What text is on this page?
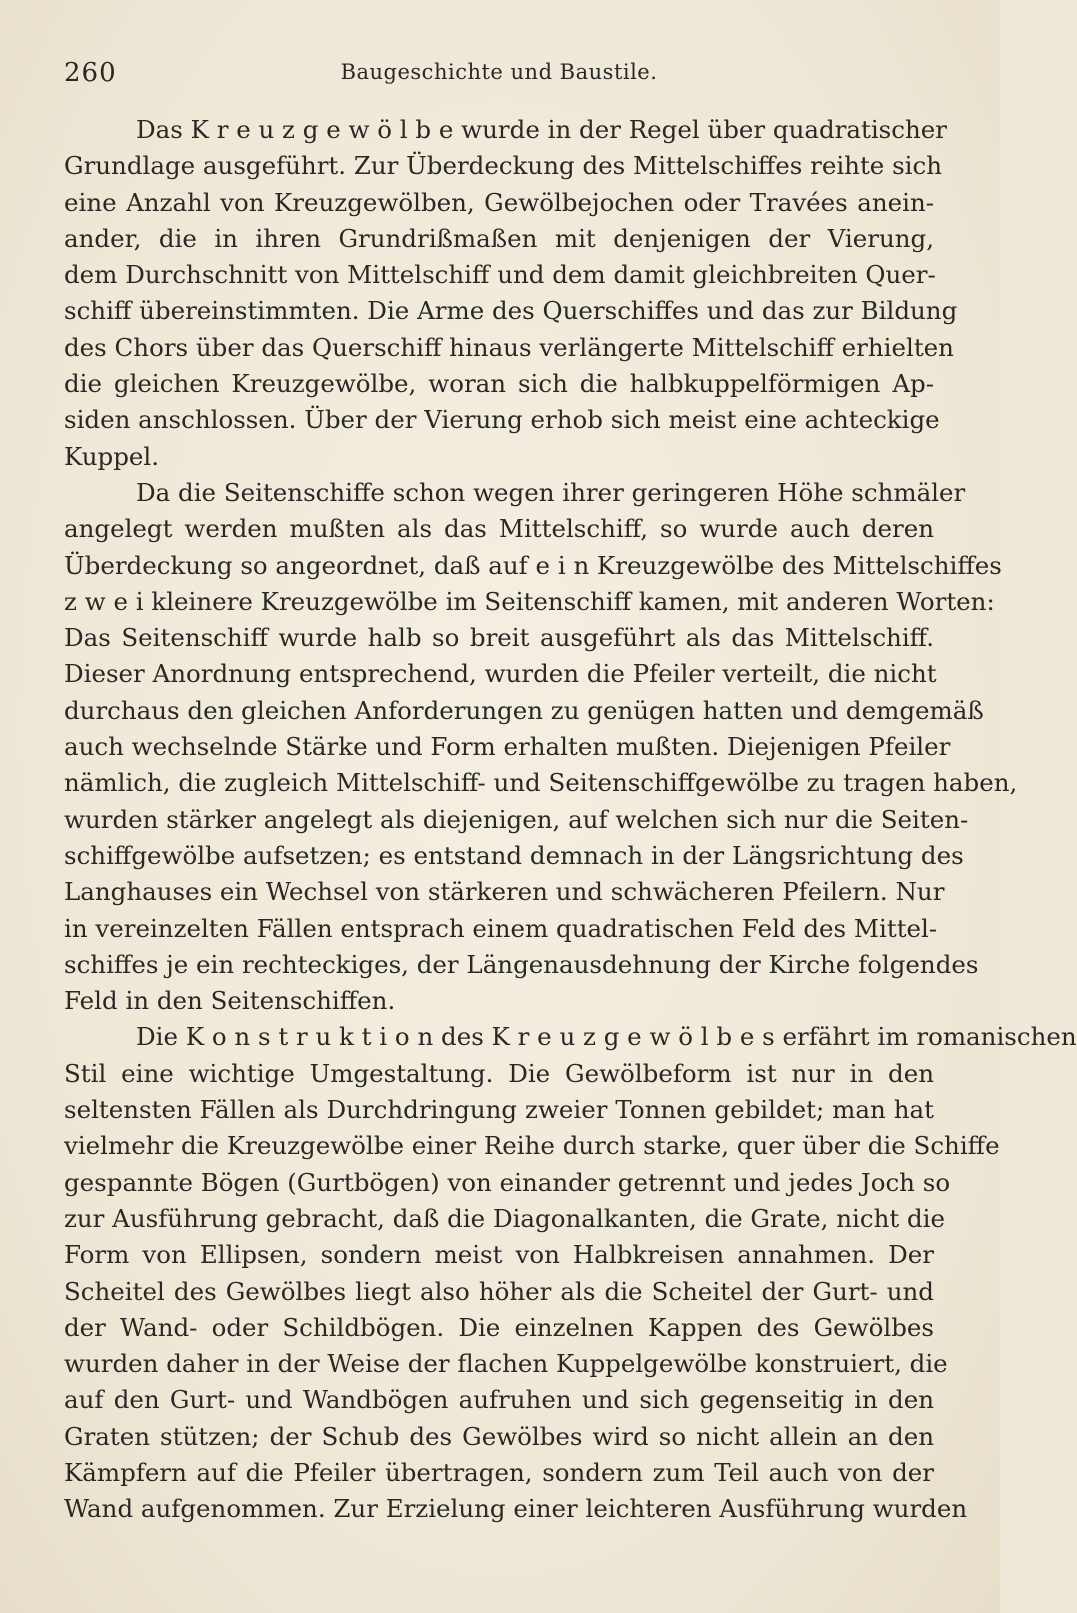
260	Baugeschichte und Baustile.
Das K r e u z g e w ö l b e wurde in der Regel über quadratischer
Grundlage ausgeführt. Zur Überdeckung des Mittelschiffes reihte sich
eine Anzahl von Kreuzgewölben, Gewölbejochen oder Travées anein-
ander, die in ihren Grundrißmaßen mit denjenigen der Vierung,
dem Durchschnitt von Mittelschiff und dem damit gleichbreiten Quer-
schiff übereinstimmten. Die Arme des Querschiffes und das zur Bildung
des Chors über das Querschiff hinaus verlängerte Mittelschiff erhielten
die gleichen Kreuzgewölbe, woran sich die halbkuppelförmigen Ap-
siden anschlossen. Über der Vierung erhob sich meist eine achteckige
Kuppel.
Da die Seitenschiffe schon wegen ihrer geringeren Höhe schmäler
angelegt werden mußten als das Mittelschiff, so wurde auch deren
Überdeckung so angeordnet, daß auf e i n Kreuzgewölbe des Mittelschiffes
z w e i kleinere Kreuzgewölbe im Seitenschiff kamen, mit anderen Worten:
Das Seitenschiff wurde halb so breit ausgeführt als das Mittelschiff.
Dieser Anordnung entsprechend, wurden die Pfeiler verteilt, die nicht
durchaus den gleichen Anforderungen zu genügen hatten und demgemäß
auch wechselnde Stärke und Form erhalten mußten. Diejenigen Pfeiler
nämlich, die zugleich Mittelschiff- und Seitenschiffgewölbe zu tragen haben,
wurden stärker angelegt als diejenigen, auf welchen sich nur die Seiten-
schiffgewölbe aufsetzen; es entstand demnach in der Längsrichtung des
Langhauses ein Wechsel von stärkeren und schwächeren Pfeilern. Nur
in vereinzelten Fällen entsprach einem quadratischen Feld des Mittel-
schiffes je ein rechteckiges, der Längenausdehnung der Kirche folgendes
Feld in den Seitenschiffen.
Die K o n s t r u k t i o n des K r e u z g e w ö l b e s erfährt im romanischen
Stil eine wichtige Umgestaltung. Die Gewölbeform ist nur in den
seltensten Fällen als Durchdringung zweier Tonnen gebildet; man hat
vielmehr die Kreuzgewölbe einer Reihe durch starke, quer über die Schiffe
gespannte Bögen (Gurtbögen) von einander getrennt und jedes Joch so
zur Ausführung gebracht, daß die Diagonalkanten, die Grate, nicht die
Form von Ellipsen, sondern meist von Halbkreisen annahmen. Der
Scheitel des Gewölbes liegt also höher als die Scheitel der Gurt- und
der Wand- oder Schildbögen. Die einzelnen Kappen des Gewölbes
wurden daher in der Weise der flachen Kuppelgewölbe konstruiert, die
auf den Gurt- und Wandbögen aufruhen und sich gegenseitig in den
Graten stützen; der Schub des Gewölbes wird so nicht allein an den
Kämpfern auf die Pfeiler übertragen, sondern zum Teil auch von der
Wand aufgenommen. Zur Erzielung einer leichteren Ausführung wurden
